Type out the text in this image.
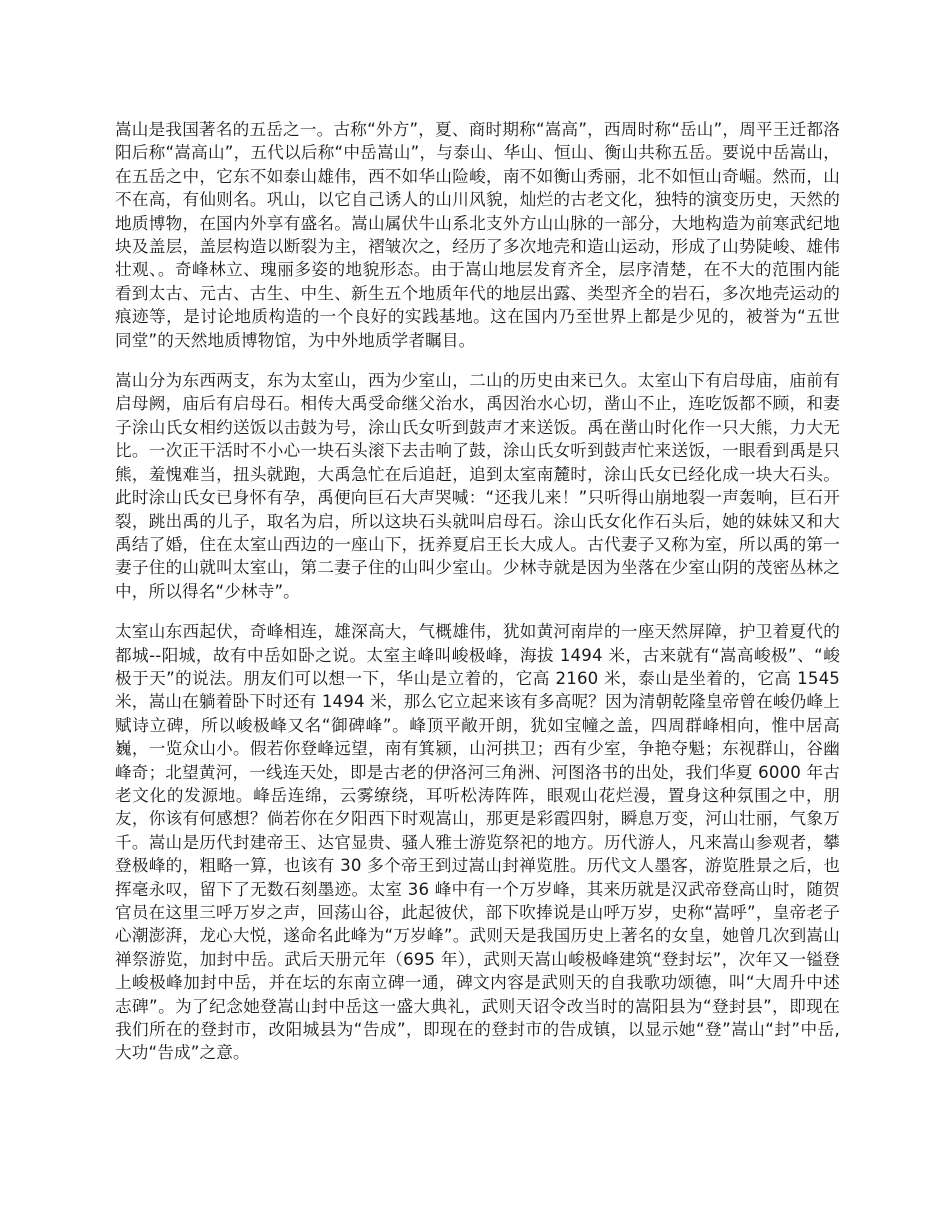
嵩山是我国著名的五岳之一。古称“外方”，夏、商时期称“嵩高”，西周时称“岳山”，周平王迁都洛阳后称“嵩高山”，五代以后称“中岳嵩山”，与泰山、华山、恒山、衡山共称五岳。要说中岳嵩山，在五岳之中，它东不如泰山雄伟，西不如华山险峻，南不如衡山秀丽，北不如恒山奇崛。然而，山不在高，有仙则名。巩山，以它自己诱人的山川风貌，灿烂的古老文化，独特的演变历史，天然的地质博物，在国内外享有盛名。嵩山属伏牛山系北支外方山山脉的一部分，大地构造为前寒武纪地块及盖层，盖层构造以断裂为主，褶皱次之，经历了多次地壳和造山运动，形成了山势陡峻、雄伟壮观、。奇峰林立、瑰丽多姿的地貌形态。由于嵩山地层发育齐全，层序清楚，在不大的范围内能看到太古、元古、古生、中生、新生五个地质年代的地层出露、类型齐全的岩石，多次地壳运动的痕迹等，是讨论地质构造的一个良好的实践基地。这在国内乃至世界上都是少见的，被誉为“五世同堂”的天然地质博物馆，为中外地质学者瞩目。

嵩山分为东西两支，东为太室山，西为少室山，二山的历史由来已久。太室山下有启母庙，庙前有启母阙，庙后有启母石。相传大禹受命继父治水，禹因治水心切，凿山不止，连吃饭都不顾，和妻子涂山氏女相约送饭以击鼓为号，涂山氏女听到鼓声才来送饭。禹在凿山时化作一只大熊，力大无比。一次正干活时不小心一块石头滚下去击响了鼓，涂山氏女听到鼓声忙来送饭，一眼看到禹是只熊，羞愧难当，扭头就跑，大禹急忙在后追赶，追到太室南麓时，涂山氏女已经化成一块大石头。此时涂山氏女已身怀有孕，禹便向巨石大声哭喊：“还我儿来！”只听得山崩地裂一声轰响，巨石开裂，跳出禹的儿子，取名为启，所以这块石头就叫启母石。涂山氏女化作石头后，她的妹妹又和大禹结了婚，住在太室山西边的一座山下，抚养夏启王长大成人。古代妻子又称为室，所以禹的第一妻子住的山就叫太室山，第二妻子住的山叫少室山。少林寺就是因为坐落在少室山阴的茂密丛林之中，所以得名“少林寺”。

太室山东西起伏，奇峰相连，雄深高大，气概雄伟，犹如黄河南岸的一座天然屏障，护卫着夏代的都城--阳城，故有中岳如卧之说。太室主峰叫峻极峰，海拔 1494 米，古来就有“嵩高峻极”、“峻极于天”的说法。朋友们可以想一下，华山是立着的，它高 2160 米，泰山是坐着的，它高 1545 米，嵩山在躺着卧下时还有 1494 米，那么它立起来该有多高呢？因为清朝乾隆皇帝曾在峻仍峰上赋诗立碑，所以峻极峰又名“御碑峰”。峰顶平敞开朗，犹如宝幢之盖，四周群峰相向，惟中居高巍，一览众山小。假若你登峰远望，南有箕颍，山河拱卫；西有少室，争艳夺魁；东视群山，谷幽峰奇；北望黄河，一线连天处，即是古老的伊洛河三角洲、河图洛书的出处，我们华夏 6000 年古老文化的发源地。峰岳连绵，云雾缭绕，耳听松涛阵阵，眼观山花烂漫，置身这种氛围之中，朋友，你该有何感想？倘若你在夕阳西下时观嵩山，那更是彩霞四射，瞬息万变，河山壮丽，气象万千。嵩山是历代封建帝王、达官显贵、骚人雅士游览祭祀的地方。历代游人，凡来嵩山参观者，攀登极峰的，粗略一算，也该有 30 多个帝王到过嵩山封禅览胜。历代文人墨客，游览胜景之后，也挥毫永叹，留下了无数石刻墨迹。太室 36 峰中有一个万岁峰，其来历就是汉武帝登高山时，随贺官员在这里三呼万岁之声，回荡山谷，此起彼伏，部下吹捧说是山呼万岁，史称“嵩呼”，皇帝老子心潮澎湃，龙心大悦，遂命名此峰为“万岁峰”。武则天是我国历史上著名的女皇，她曾几次到嵩山禅祭游览，加封中岳。武后天册元年（695 年），武则天嵩山峻极峰建筑“登封坛”，次年又一镒登上峻极峰加封中岳，并在坛的东南立碑一通，碑文内容是武则天的自我歌功颂德，叫“大周升中述志碑”。为了纪念她登嵩山封中岳这一盛大典礼，武则天诏令改当时的嵩阳县为“登封县”，即现在我们所在的登封市，改阳城县为“告成”，即现在的登封市的告成镇，以显示她“登”嵩山“封”中岳,大功“告成”之意。
